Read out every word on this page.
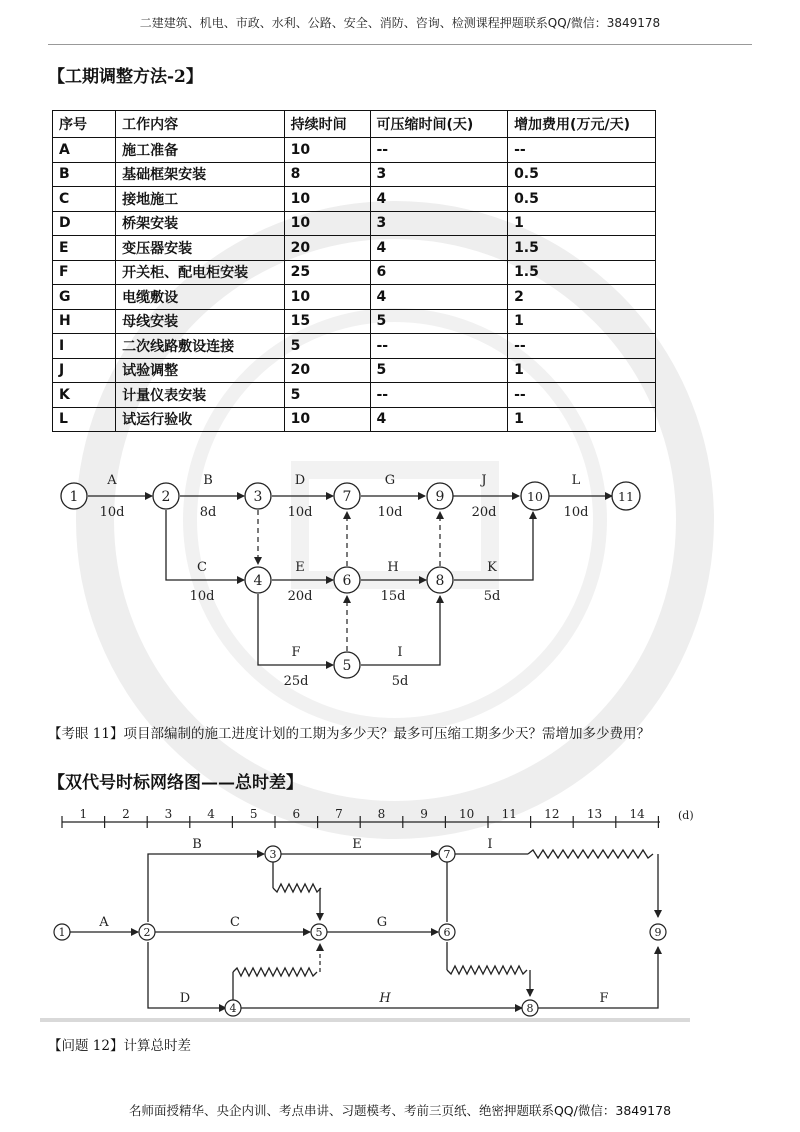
二建建筑、机电、市政、水利、公路、安全、消防、咨询、检测课程押题联系QQ/微信：3849178
【工期调整方法-2】
序号	工作内容	持续时间	可压缩时间(天)	增加费用(万元/天)
A	施工准备	10	--	--
B	基础框架安装	8	3	0.5
C	接地施工	10	4	0.5
D	桥架安装	10	3	1
E	变压器安装	20	4	1.5
F	开关柜、配电柜安装	25	6	1.5
G	电缆敷设	10	4	2
H	母线安装	15	5	1
I	二次线路敷设连接	5	--	--
J	试验调整	20	5	1
K	计量仪表安装	5	--	--
L	试运行验收	10	4	1
1	2	3
4
5
6
7
8
9	10	11
A	B	D	G	J	L
C	E	H	K
F	I
10d	8d	10d	10d	20d	10d
10d	20d	15d	5d
25d	5d
【考眼 11】项目部编制的施工进度计划的工期为多少天？最多可压缩工期多少天？需增加多少费用？
【双代号时标网络图——总时差】
1	2	3	4	5	6	7	8	9	10 11 12 13 14	(d)
1	2
3
4
5	6
7
8
9
A
B
C
D
E
G
H
I
F
【问题 12】计算总时差
名师面授精华、央企内训、考点串讲、习题模考、考前三页纸、绝密押题联系QQ/微信：3849178
